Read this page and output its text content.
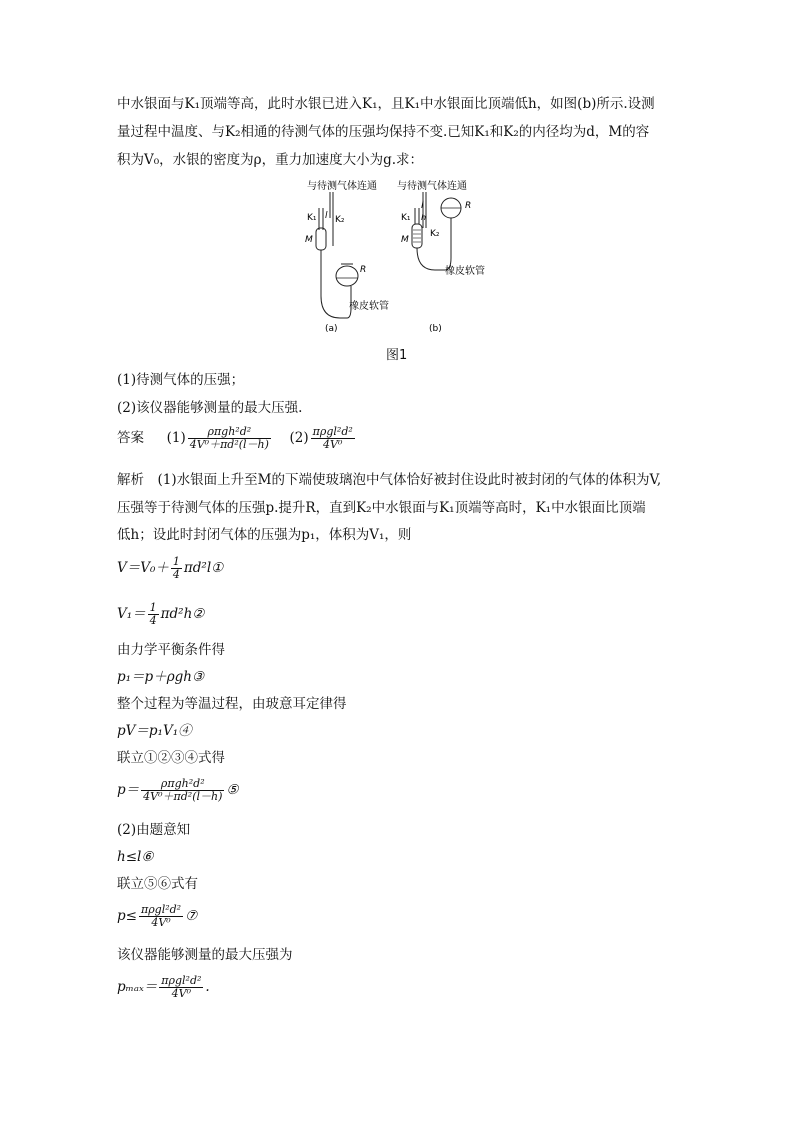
中水银面与K₁顶端等高，此时水银已进入K₁，且K₁中水银面比顶端低h，如图(b)所示.设测
量过程中温度、与K₂相通的待测气体的压强均保持不变.已知K₁和K₂的内径均为d，M的容
积为V₀，水银的密度为ρ，重力加速度大小为g.求：
与待测气体连通
K₁ K₂
l
M
R
橡皮软管
(a)
与待测气体连通
K₁
K₂
l
h
M
R
橡皮软管
(b)
图1
(1)待测气体的压强；
(2)该仪器能够测量的最大压强.
答案 $(1) \frac{\text{ρπgh²d²}}{\text{4V⁰＋πd²(l－h)}} (2) \frac{\text{πρgl²d²}}{\text{4V⁰}}$
解析　(1)水银面上升至M的下端使玻璃泡中气体恰好被封住设此时被封闭的气体的体积为V,
压强等于待测气体的压强p.提升R，直到K₂中水银面与K₁顶端等高时，K₁中水银面比顶端
低h；设此时封闭气体的压强为p₁，体积为V₁，则
$V=V_0+ \frac{1}{4}$ πd²l①
$V_1= \frac{1}{4}$ πd²h②
由力学平衡条件得
p₁＝p＋ρgh③
整个过程为等温过程，由玻意耳定律得
pV＝p₁V₁④
联立①②③④式得
$p= \frac{\text{ρπgh²d²}}{\text{4V⁰＋πd²(l－h)}}$ ⑤
(2)由题意知
h≤l⑥
联立⑤⑥式有
$p\le \frac{\text{πρgl²d²}}{\text{4V⁰}}$ ⑦
该仪器能够测量的最大压强为
$p_{max}= \frac{\text{πρgl²d²}}{\text{4V⁰}}$ .
